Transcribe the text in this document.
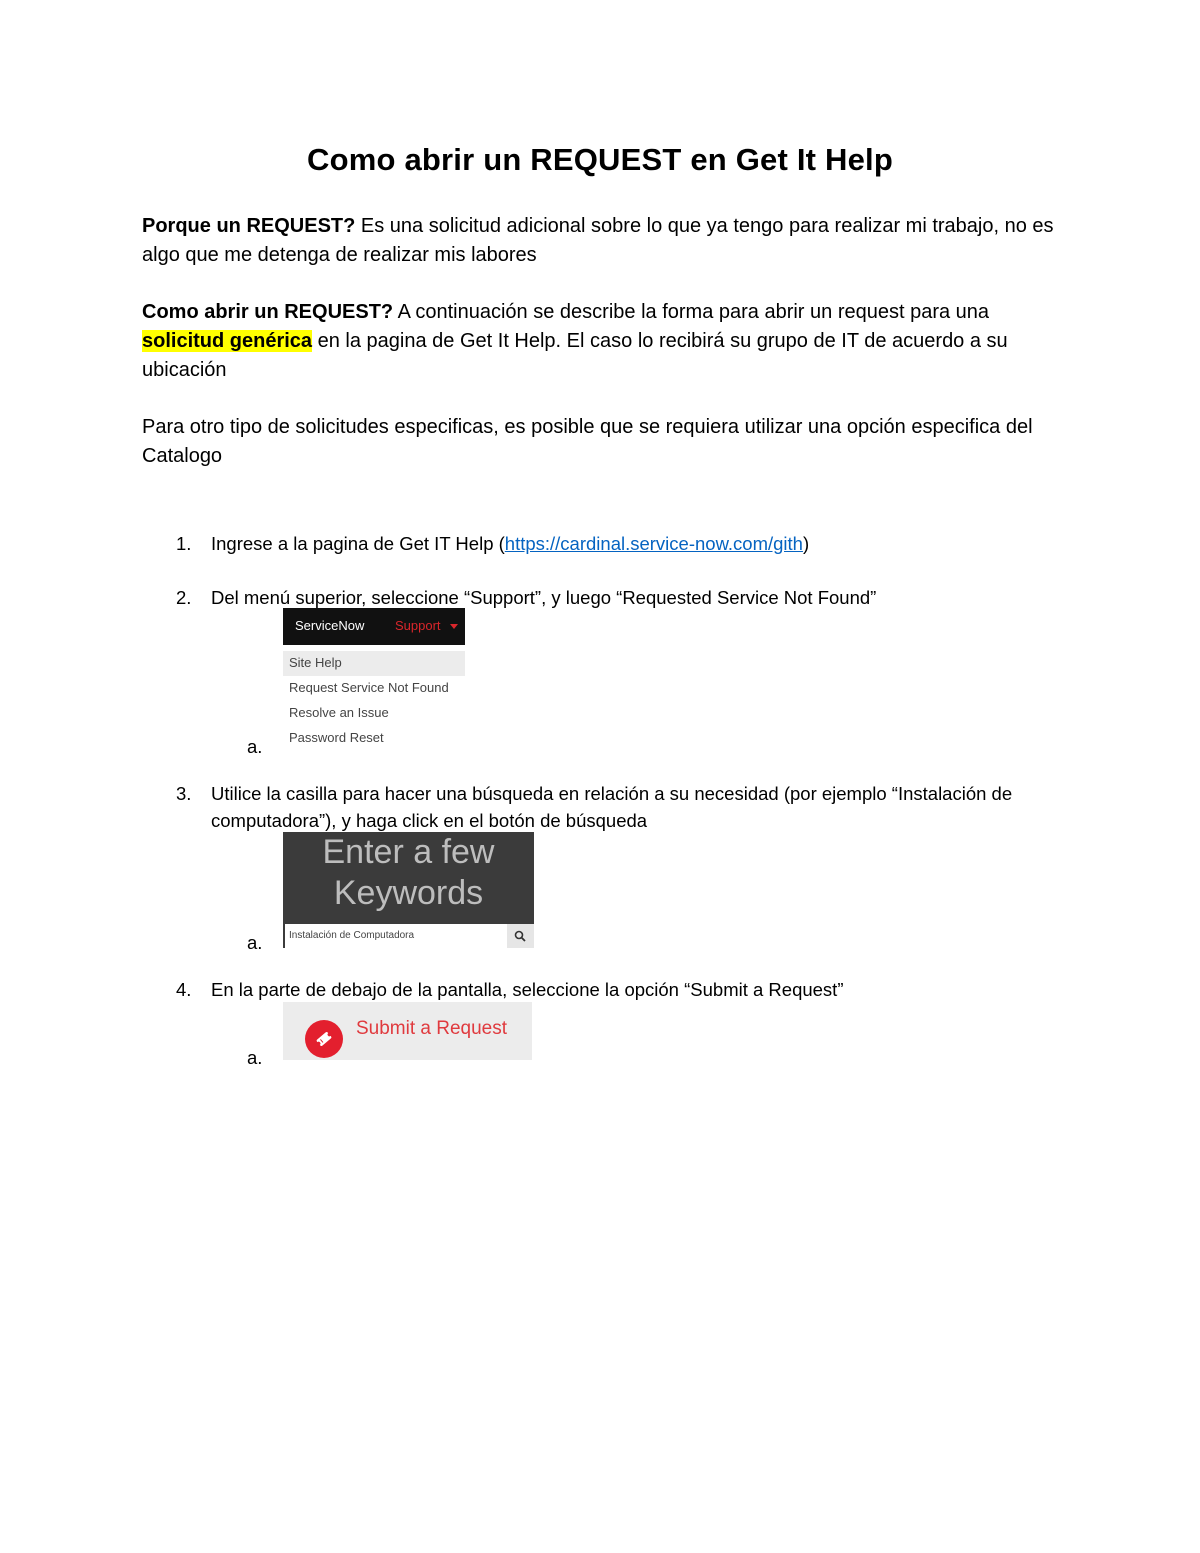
Como abrir un REQUEST en Get It Help

Porque un REQUEST? Es una solicitud adicional sobre lo que ya tengo para realizar mi trabajo, no es algo que me detenga de realizar mis labores

Como abrir un REQUEST? A continuación se describe la forma para abrir un request para una solicitud genérica en la pagina de Get It Help. El caso lo recibirá su grupo de IT de acuerdo a su ubicación

Para otro tipo de solicitudes especificas, es posible que se requiera utilizar una opción especifica del Catalogo

1. Ingrese a la pagina de Get IT Help (https://cardinal.service-now.com/gith)
2. Del menú superior, seleccione “Support”, y luego “Requested Service Not Found”
a.
ServiceNow Support
Site Help
Request Service Not Found
Resolve an Issue
Password Reset
3. Utilice la casilla para hacer una búsqueda en relación a su necesidad (por ejemplo “Instalación de computadora”), y haga click en el botón de búsqueda
a.
Enter a few Keywords
Instalación de Computadora
4. En la parte de debajo de la pantalla, seleccione la opción “Submit a Request”
a.
Submit a Request
